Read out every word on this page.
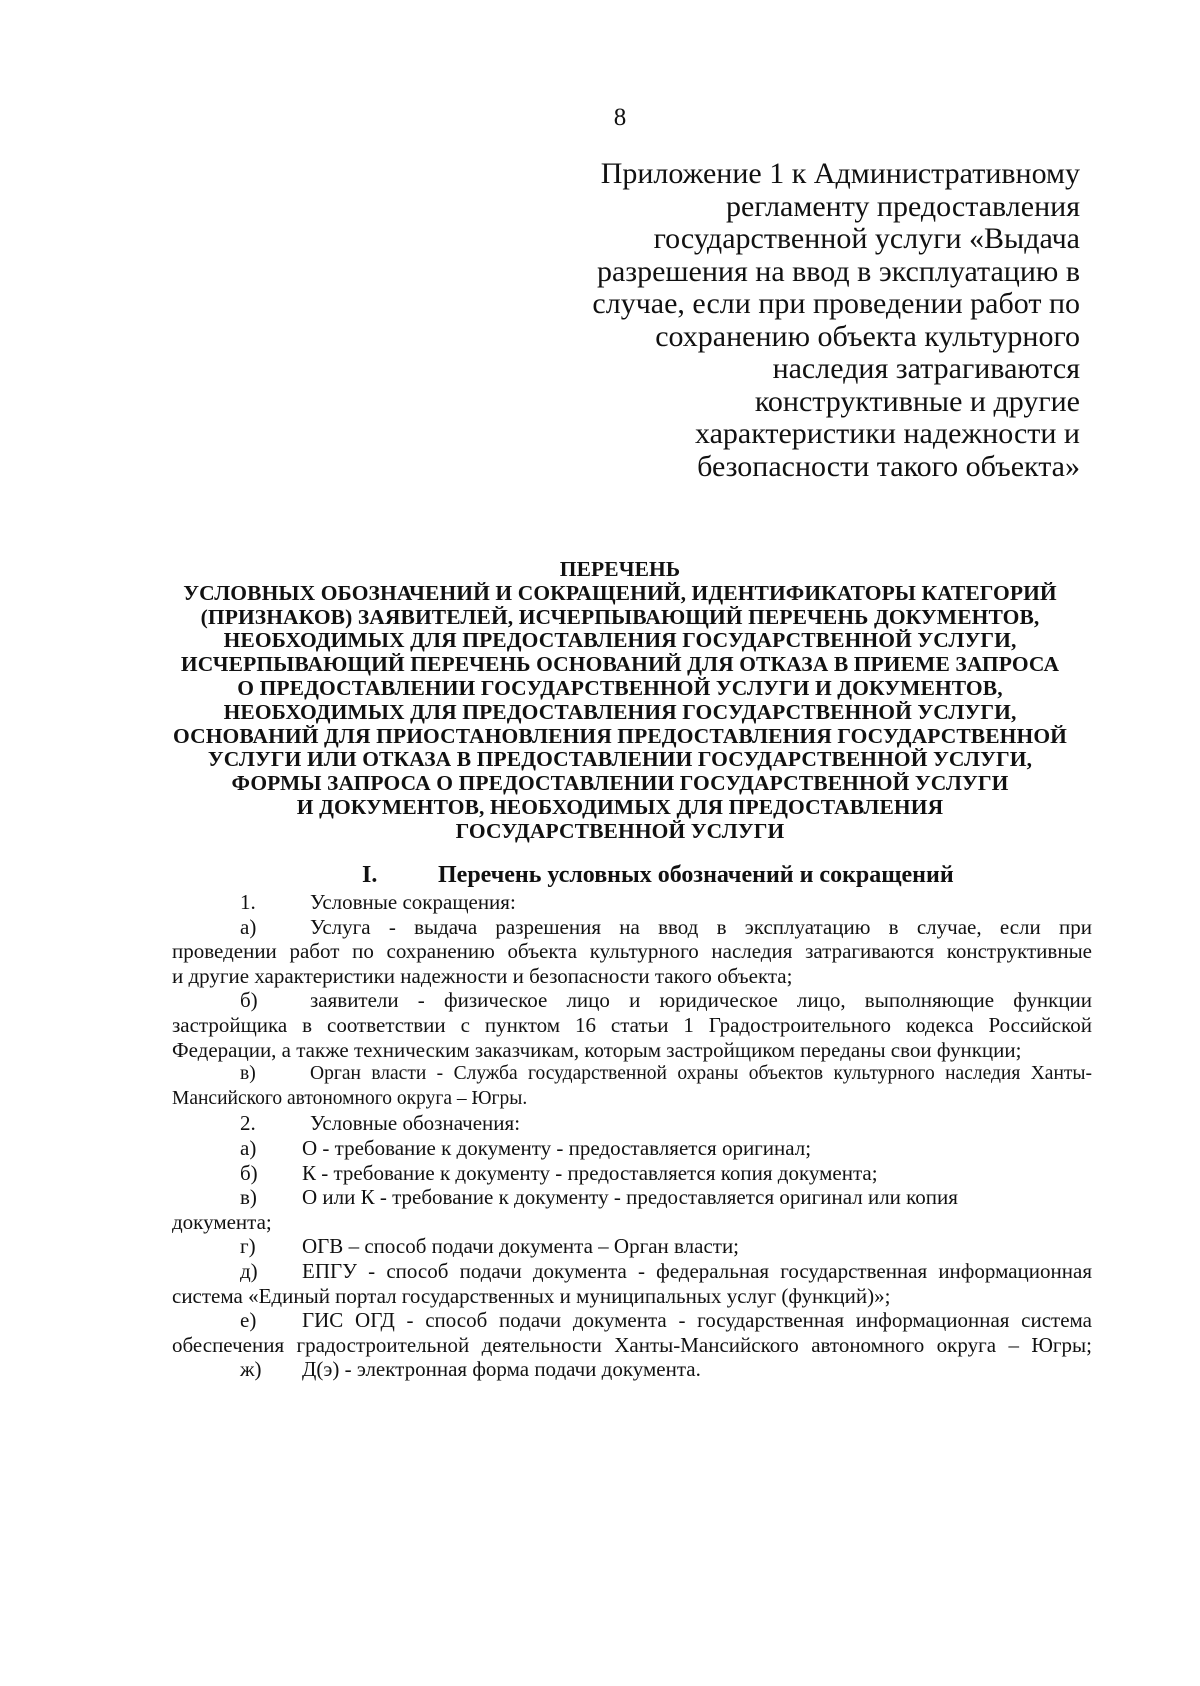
8
Приложение 1 к Административному
регламенту предоставления
государственной услуги «Выдача
разрешения на ввод в эксплуатацию в
случае, если при проведении работ по
сохранению объекта культурного
наследия затрагиваются
конструктивные и другие
характеристики надежности и
безопасности такого объекта»
ПЕРЕЧЕНЬ
УСЛОВНЫХ ОБОЗНАЧЕНИЙ И СОКРАЩЕНИЙ, ИДЕНТИФИКАТОРЫ КАТЕГОРИЙ
(ПРИЗНАКОВ) ЗАЯВИТЕЛЕЙ, ИСЧЕРПЫВАЮЩИЙ ПЕРЕЧЕНЬ ДОКУМЕНТОВ,
НЕОБХОДИМЫХ ДЛЯ ПРЕДОСТАВЛЕНИЯ ГОСУДАРСТВЕННОЙ УСЛУГИ,
ИСЧЕРПЫВАЮЩИЙ ПЕРЕЧЕНЬ ОСНОВАНИЙ ДЛЯ ОТКАЗА В ПРИЕМЕ ЗАПРОСА
О ПРЕДОСТАВЛЕНИИ ГОСУДАРСТВЕННОЙ УСЛУГИ И ДОКУМЕНТОВ,
НЕОБХОДИМЫХ ДЛЯ ПРЕДОСТАВЛЕНИЯ ГОСУДАРСТВЕННОЙ УСЛУГИ,
ОСНОВАНИЙ ДЛЯ ПРИОСТАНОВЛЕНИЯ ПРЕДОСТАВЛЕНИЯ ГОСУДАРСТВЕННОЙ
УСЛУГИ ИЛИ ОТКАЗА В ПРЕДОСТАВЛЕНИИ ГОСУДАРСТВЕННОЙ УСЛУГИ,
ФОРМЫ ЗАПРОСА О ПРЕДОСТАВЛЕНИИ ГОСУДАРСТВЕННОЙ УСЛУГИ
И ДОКУМЕНТОВ, НЕОБХОДИМЫХ ДЛЯ ПРЕДОСТАВЛЕНИЯ
ГОСУДАРСТВЕННОЙ УСЛУГИ
I.	Перечень условных обозначений и сокращений
1.	Условные сокращения:
а)	Услуга - выдача разрешения на ввод в эксплуатацию в случае, если при
проведении работ по сохранению объекта культурного наследия затрагиваются конструктивные
и другие характеристики надежности и безопасности такого объекта;
б) заявители - физическое лицо и юридическое лицо, выполняющие функции
застройщика в соответствии с пунктом 16 статьи 1 Градостроительного кодекса Российской
Федерации, а также техническим заказчикам, которым застройщиком переданы свои функции;
в)	Орган власти - Служба государственной охраны объектов культурного наследия Ханты-
Мансийского автономного округа – Югры.
2.	Условные обозначения:
а) О - требование к документу - предоставляется оригинал;
б) К - требование к документу - предоставляется копия документа;
в) О или К - требование к документу - предоставляется оригинал или копия
документа;
г) ОГВ – способ подачи документа – Орган власти;
д) ЕПГУ - способ подачи документа - федеральная государственная информационная
система «Единый портал государственных и муниципальных услуг (функций)»;
е) ГИС ОГД - способ подачи документа - государственная информационная система
обеспечения градостроительной деятельности Ханты-Мансийского автономного округа – Югры;
ж) Д(э) - электронная форма подачи документа.
